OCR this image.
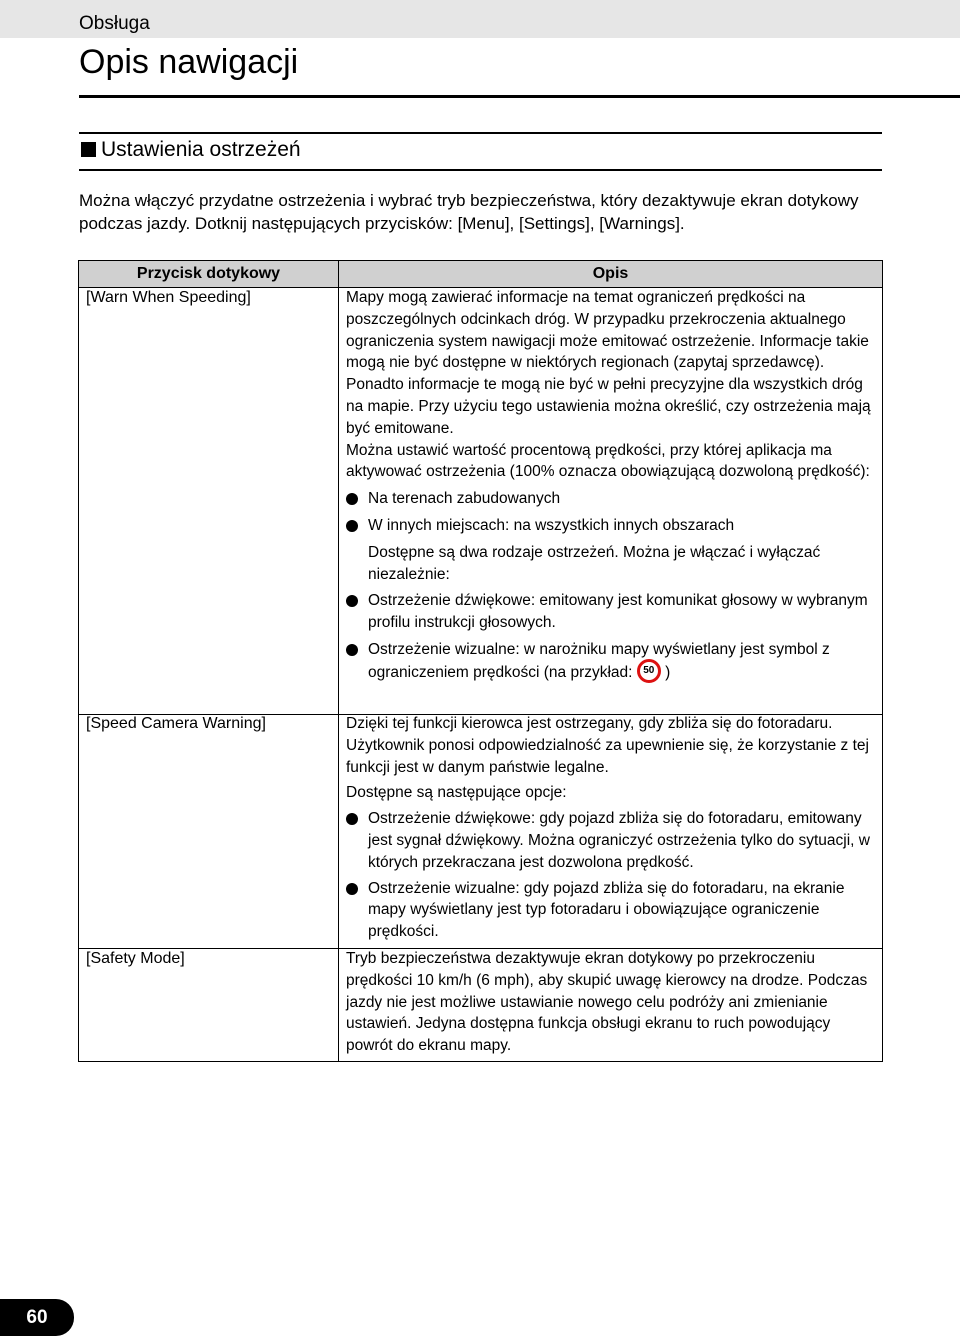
Obsługa
Opis nawigacji
Ustawienia ostrzeżeń

Można włączyć przydatne ostrzeżenia i wybrać tryb bezpieczeństwa, który dezaktywuje ekran dotykowy podczas jazdy. Dotknij następujących przycisków: [Menu], [Settings], [Warnings].

Przycisk dotykowy	Opis
[Warn When Speeding]	Mapy mogą zawierać informacje na temat ograniczeń prędkości na poszczególnych odcinkach dróg. W przypadku przekroczenia aktualnego ograniczenia system nawigacji może emitować ostrzeżenie. Informacje takie mogą nie być dostępne w niektórych regionach (zapytaj sprzedawcę). Ponadto informacje te mogą nie być w pełni precyzyjne dla wszystkich dróg na mapie. Przy użyciu tego ustawienia można określić, czy ostrzeżenia mają być emitowane.

Można ustawić wartość procentową prędkości, przy której aplikacja ma aktywować ostrzeżenia (100% oznacza obowiązującą dozwoloną prędkość):

Na terenach zabudowanych
W innych miejscach: na wszystkich innych obszarach

Dostępne są dwa rodzaje ostrzeżeń. Można je włączać i wyłączać niezależnie:

Ostrzeżenie dźwiękowe: emitowany jest komunikat głosowy w wybranym profilu instrukcji głosowych.
Ostrzeżenie wizualne: w narożniku mapy wyświetlany jest symbol z ograniczeniem prędkości (na przykład: 50 )
[Speed Camera Warning]	Dzięki tej funkcji kierowca jest ostrzegany, gdy zbliża się do fotoradaru. Użytkownik ponosi odpowiedzialność za upewnienie się, że korzystanie z tej funkcji jest w danym państwie legalne.

Dostępne są następujące opcje:

Ostrzeżenie dźwiękowe: gdy pojazd zbliża się do fotoradaru, emitowany jest sygnał dźwiękowy. Można ograniczyć ostrzeżenia tylko do sytuacji, w których przekraczana jest dozwolona prędkość.
Ostrzeżenie wizualne: gdy pojazd zbliża się do fotoradaru, na ekranie mapy wyświetlany jest typ fotoradaru i obowiązujące ograniczenie prędkości.
[Safety Mode]	Tryb bezpieczeństwa dezaktywuje ekran dotykowy po przekroczeniu prędkości 10 km/h (6 mph), aby skupić uwagę kierowcy na drodze. Podczas jazdy nie jest możliwe ustawianie nowego celu podróży ani zmienianie ustawień. Jedyna dostępna funkcja obsługi ekranu to ruch powodujący powrót do ekranu mapy.

60
